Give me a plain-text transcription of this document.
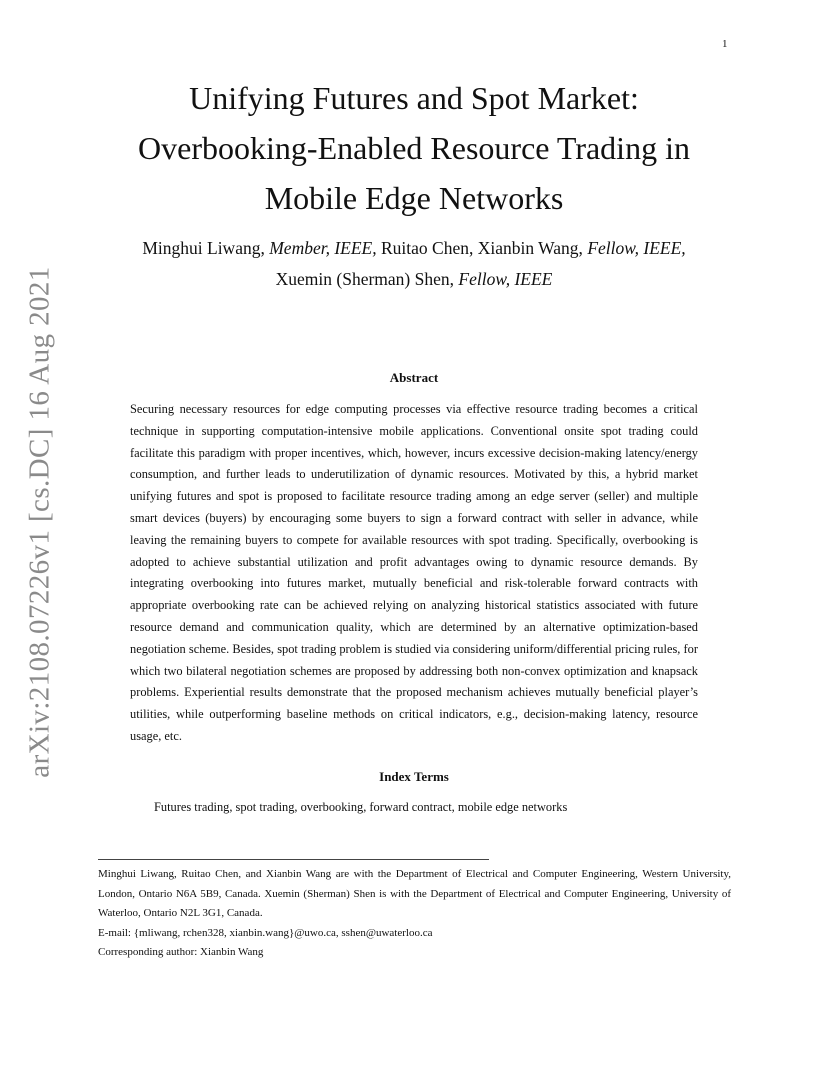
1
arXiv:2108.07226v1 [cs.DC] 16 Aug 2021
Unifying Futures and Spot Market:
Overbooking-Enabled Resource Trading in
Mobile Edge Networks
Minghui Liwang, Member, IEEE, Ruitao Chen, Xianbin Wang, Fellow, IEEE,
Xuemin (Sherman) Shen, Fellow, IEEE
Abstract

Securing necessary resources for edge computing processes via effective resource trading becomes a critical technique in supporting computation-intensive mobile applications. Conventional onsite spot trading could facilitate this paradigm with proper incentives, which, however, incurs excessive decision-making latency/energy consumption, and further leads to underutilization of dynamic resources. Motivated by this, a hybrid market unifying futures and spot is proposed to facilitate resource trading among an edge server (seller) and multiple smart devices (buyers) by encouraging some buyers to sign a forward contract with seller in advance, while leaving the remaining buyers to compete for available resources with spot trading. Specifically, overbooking is adopted to achieve substantial utilization and profit advantages owing to dynamic resource demands. By integrating overbooking into futures market, mutually beneficial and risk-tolerable forward contracts with appropriate overbooking rate can be achieved relying on analyzing historical statistics associated with future resource demand and communication quality, which are determined by an alternative optimization-based negotiation scheme. Besides, spot trading problem is studied via considering uniform/differential pricing rules, for which two bilateral negotiation schemes are proposed by addressing both non-convex optimization and knapsack problems. Experiential results demonstrate that the proposed mechanism achieves mutually beneficial player’s utilities, while outperforming baseline methods on critical indicators, e.g., decision-making latency, resource usage, etc.

Index Terms

Futures trading, spot trading, overbooking, forward contract, mobile edge networks

Minghui Liwang, Ruitao Chen, and Xianbin Wang are with the Department of Electrical and Computer Engineering, Western University, London, Ontario N6A 5B9, Canada. Xuemin (Sherman) Shen is with the Department of Electrical and Computer Engineering, University of Waterloo, Ontario N2L 3G1, Canada.

E-mail: {mliwang, rchen328, xianbin.wang}@uwo.ca, sshen@uwaterloo.ca

Corresponding author: Xianbin Wang
